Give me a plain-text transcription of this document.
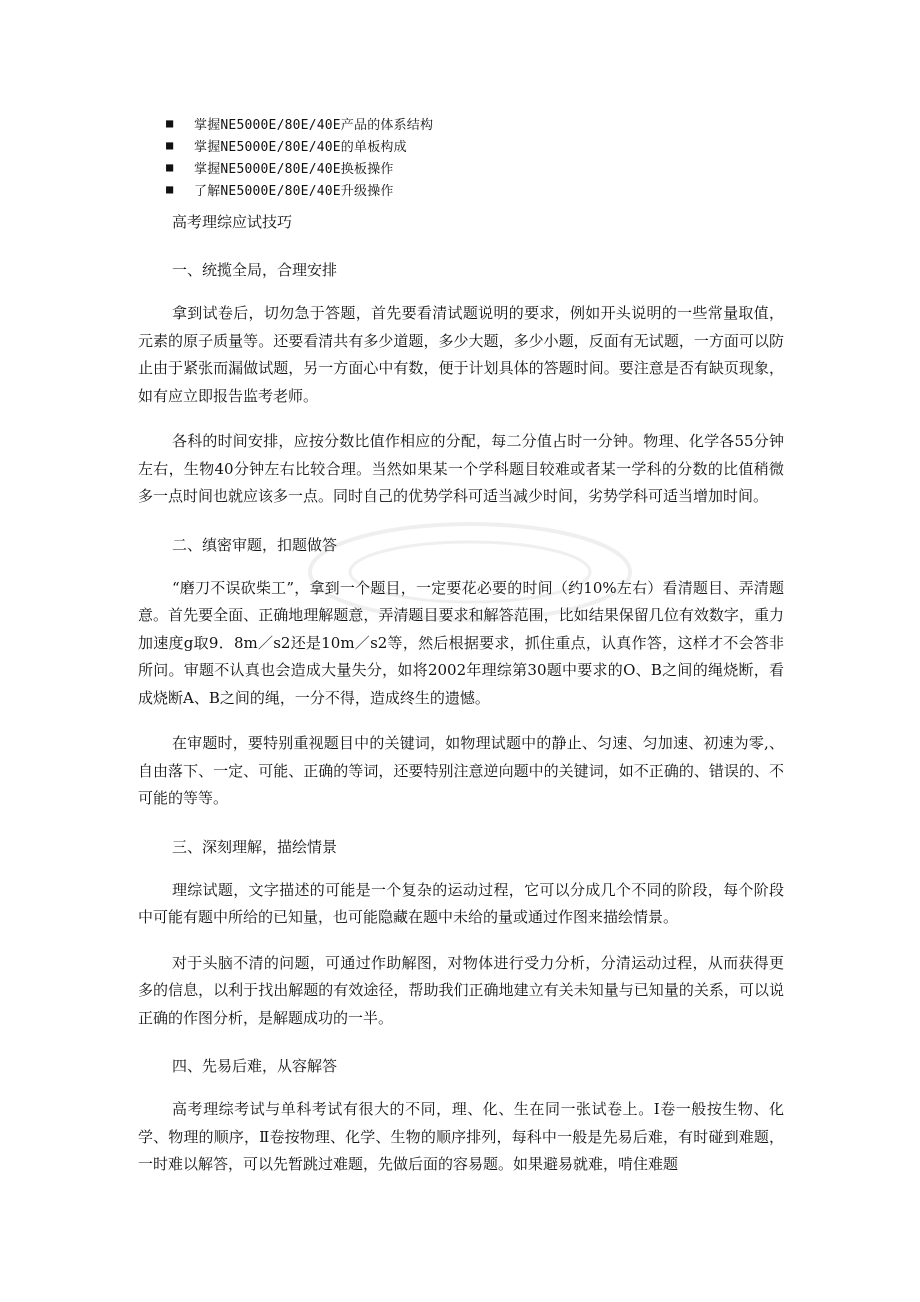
■	掌握NE5000E/80E/40E产品的体系结构
■	掌握NE5000E/80E/40E的单板构成
■	掌握NE5000E/80E/40E换板操作
■	了解NE5000E/80E/40E升级操作
高考理综应试技巧
一、统揽全局，合理安排

拿到试卷后，切勿急于答题，首先要看清试题说明的要求，例如开头说明的一些常量取值，元素的原子质量等。还要看清共有多少道题，多少大题，多少小题，反面有无试题，一方面可以防止由于紧张而漏做试题，另一方面心中有数，便于计划具体的答题时间。要注意是否有缺页现象，如有应立即报告监考老师。

各科的时间安排，应按分数比值作相应的分配，每二分值占时一分钟。物理、化学各55分钟左右，生物40分钟左右比较合理。当然如果某一个学科题目较难或者某一学科的分数的比值稍微多一点时间也就应该多一点。同时自己的优势学科可适当减少时间，劣势学科可适当增加时间。

二、缜密审题，扣题做答

“磨刀不误砍柴工”，拿到一个题目，一定要花必要的时间（约10%左右）看清题目、弄清题意。首先要全面、正确地理解题意，弄清题目要求和解答范围，比如结果保留几位有效数字，重力加速度g取9．8m／s2还是10m／s2等，然后根据要求，抓住重点，认真作答，这样才不会答非所问。审题不认真也会造成大量失分，如将2002年理综第30题中要求的O、B之间的绳烧断，看成烧断A、B之间的绳，一分不得，造成终生的遗憾。

在审题时，要特别重视题目中的关键词，如物理试题中的静止、匀速、匀加速、初速为零,、自由落下、一定、可能、正确的等词，还要特别注意逆向题中的关键词，如不正确的、错误的、不可能的等等。

三、深刻理解，描绘情景

理综试题，文字描述的可能是一个复杂的运动过程，它可以分成几个不同的阶段，每个阶段中可能有题中所给的已知量，也可能隐藏在题中未给的量或通过作图来描绘情景。

对于头脑不清的问题，可通过作助解图，对物体进行受力分析，分清运动过程，从而获得更多的信息，以利于找出解题的有效途径，帮助我们正确地建立有关未知量与已知量的关系，可以说正确的作图分析，是解题成功的一半。

四、先易后难，从容解答

高考理综考试与单科考试有很大的不同，理、化、生在同一张试卷上。Ⅰ卷一般按生物、化学、物理的顺序，Ⅱ卷按物理、化学、生物的顺序排列，每科中一般是先易后难，有时碰到难题，一时难以解答，可以先暂跳过难题，先做后面的容易题。如果避易就难，啃住难题
